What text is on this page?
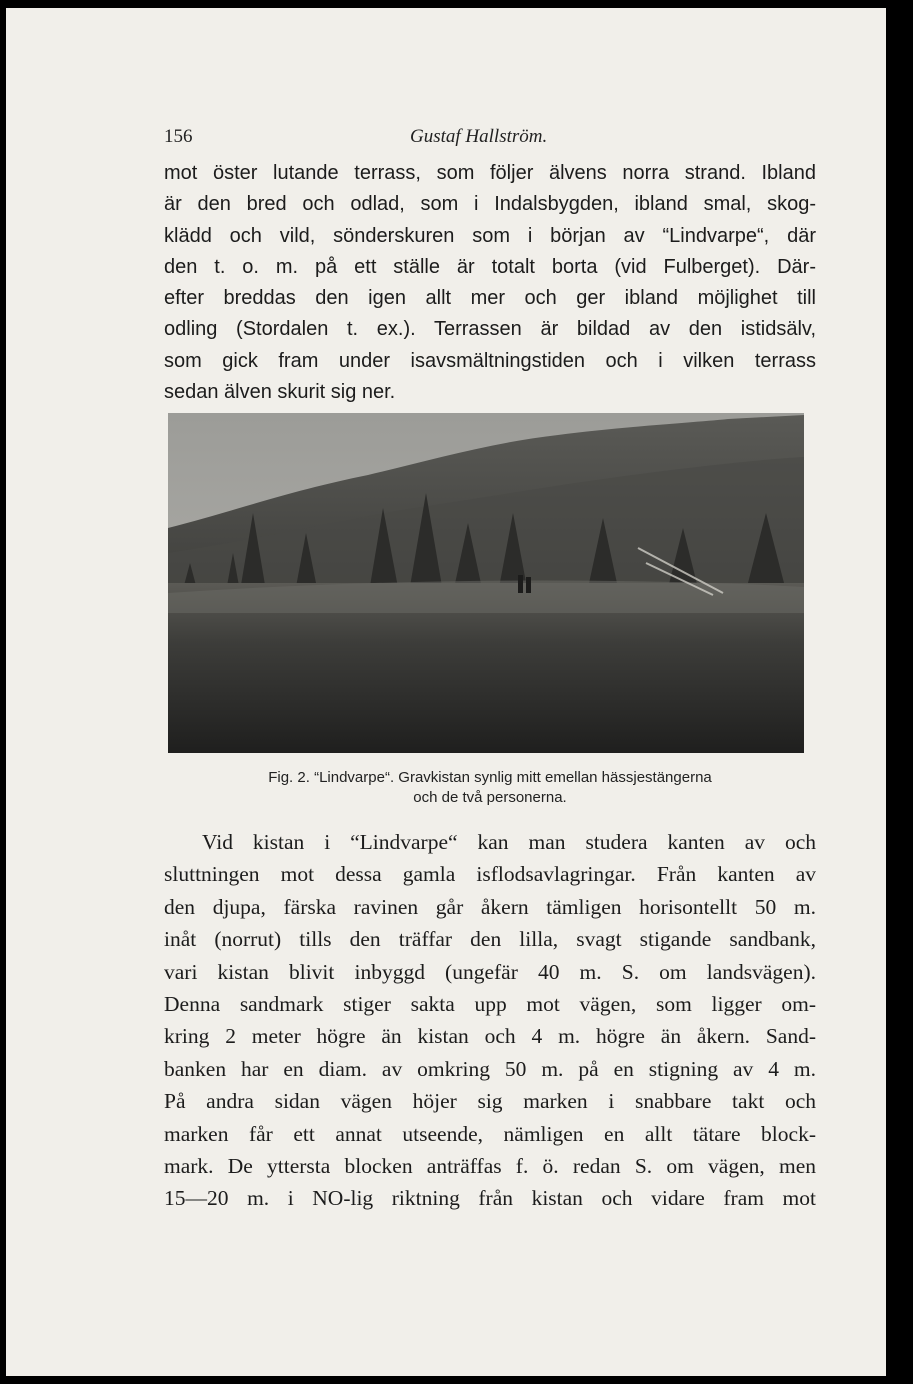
156	Gustaf Hallström.
mot öster lutande terrass, som följer älvens norra strand. Ibland
är den bred och odlad, som i Indalsbygden, ibland smal, skog-
klädd och vild, sönderskuren som i början av “Lindvarpe“, där
den t. o. m. på ett ställe är totalt borta (vid Fulberget). Där-
efter breddas den igen allt mer och ger ibland möjlighet till
odling (Stordalen t. ex.). Terrassen är bildad av den istidsälv,
som gick fram under isavsmältningstiden och i vilken terrass
sedan älven skurit sig ner.
Fig. 2. “Lindvarpe“. Gravkistan synlig mitt emellan hässjestängerna
och de två personerna.
Vid kistan i “Lindvarpe“ kan man studera kanten av och
sluttningen mot dessa gamla isflodsavlagringar. Från kanten av
den djupa, färska ravinen går åkern tämligen horisontellt 50 m.
inåt (norrut) tills den träffar den lilla, svagt stigande sandbank,
vari kistan blivit inbyggd (ungefär 40 m. S. om landsvägen).
Denna sandmark stiger sakta upp mot vägen, som ligger om-
kring 2 meter högre än kistan och 4 m. högre än åkern. Sand-
banken har en diam. av omkring 50 m. på en stigning av 4 m.
På andra sidan vägen höjer sig marken i snabbare takt och
marken får ett annat utseende, nämligen en allt tätare block-
mark. De yttersta blocken anträffas f. ö. redan S. om vägen, men
15—20 m. i NO-lig riktning från kistan och vidare fram mot
